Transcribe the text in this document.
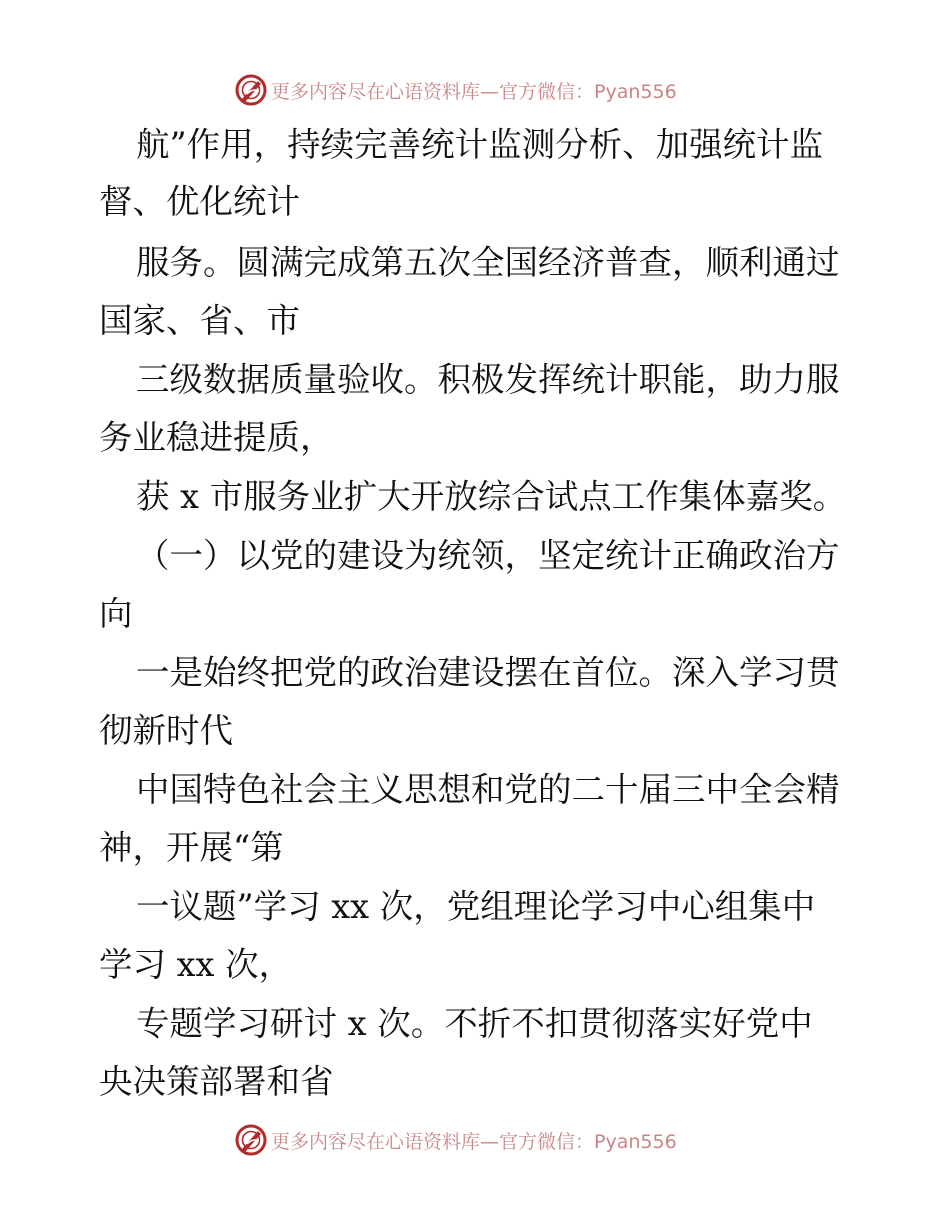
更多内容尽在心语资料库—官方微信：Pyan556
航”作用，持续完善统计监测分析、加强统计监
督、优化统计
服务。圆满完成第五次全国经济普查，顺利通过
国家、省、市
三级数据质量验收。积极发挥统计职能，助力服
务业稳进提质，
获 x 市服务业扩大开放综合试点工作集体嘉奖。
（一）以党的建设为统领，坚定统计正确政治方
向
一是始终把党的政治建设摆在首位。深入学习贯
彻新时代
中国特色社会主义思想和党的二十届三中全会精
神，开展“第
一议题”学习 xx 次，党组理论学习中心组集中
学习 xx 次，
专题学习研讨 x 次。不折不扣贯彻落实好党中
央决策部署和省
更多内容尽在心语资料库—官方微信：Pyan556
